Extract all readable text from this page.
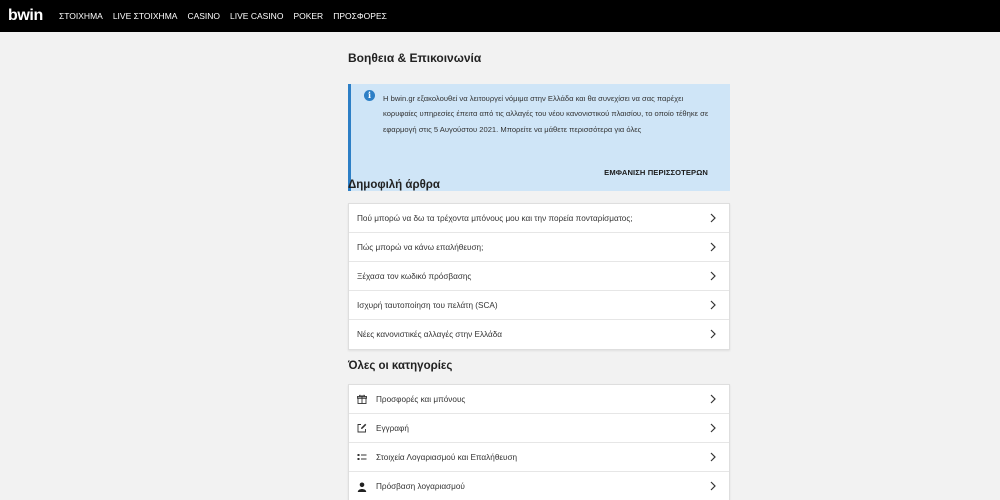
bwin ΣΤΟΙΧΗΜΑ LIVE ΣΤΟΙΧΗΜΑ CASINO LIVE CASINO POKER ΠΡΟΣΦΟΡΕΣ
Βοηθεια & Επικοινωνία
i	Η bwin.gr εξακολουθεί να λειτουργεί νόμιμα στην Ελλάδα και θα συνεχίσει να σας παρέχει κορυφαίες υπηρεσίες έπειτα από τις αλλαγές του νέου κανονιστικού πλαισίου, το οποίο τέθηκε σε εφαρμογή στις 5 Αυγούστου 2021. Μπορείτε να μάθετε περισσότερα για όλες
ΕΜΦΑΝΙΣΗ ΠΕΡΙΣΣΟΤΕΡΩΝ
Δημοφιλή άρθρα
Πού μπορώ να δω τα τρέχοντα μπόνους μου και την πορεία πονταρίσματος;
Πώς μπορώ να κάνω επαλήθευση;
Ξέχασα τον κωδικό πρόσβασης
Ισχυρή ταυτοποίηση του πελάτη (SCA)
Νέες κανονιστικές αλλαγές στην Ελλάδα
Όλες οι κατηγορίες
Προσφορές και μπόνους
Εγγραφή
Στοιχεία Λογαριασμού και Επαλήθευση
Πρόσβαση λογαριασμού
